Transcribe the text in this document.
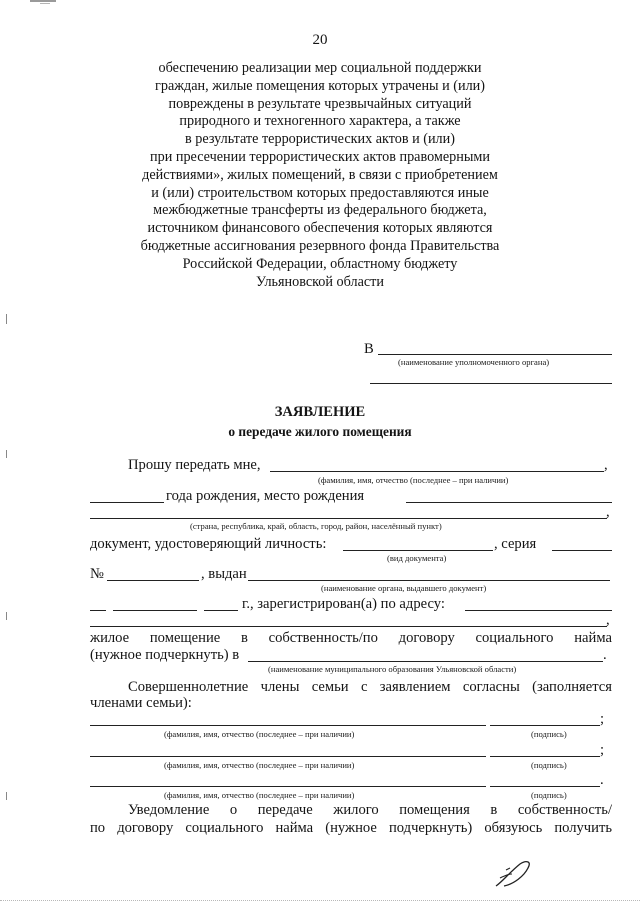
20
обеспечению реализации мер социальной поддержки
граждан, жилые помещения которых утрачены и (или)
повреждены в результате чрезвычайных ситуаций
природного и техногенного характера, а также
в результате террористических актов и (или)
при пресечении террористических актов правомерными
действиями», жилых помещений, в связи с приобретением
и (или) строительством которых предоставляются иные
межбюджетные трансферты из федерального бюджета,
источником финансового обеспечения которых являются
бюджетные ассигнования резервного фонда Правительства
Российской Федерации, областному бюджету
Ульяновской области
В
(наименование уполномоченного органа)
ЗАЯВЛЕНИЕ
о передаче жилого помещения
Прошу передать мне,	,
(фамилия, имя, отчество (последнее – при наличии)
года рождения, место рождения
,
(страна, республика, край, область, город, район, населённый пункт)
документ, удостоверяющий личность:	, серия
(вид документа)
№	, выдан
(наименование органа, выдавшего документ)
г., зарегистрирован(а) по адресу:
,
жилое помещение в собственность/по договору социального найма
(нужное подчеркнуть) в	.
(наименование муниципального образования Ульяновской области)
Совершеннолетние члены семьи с заявлением согласны (заполняется
членами семьи):
;
(фамилия, имя, отчество (последнее – при наличии)	(подпись)
;
(фамилия, имя, отчество (последнее – при наличии)	(подпись)
.
(фамилия, имя, отчество (последнее – при наличии)	(подпись)
Уведомление о передаче жилого помещения в собственность/
по договору социального найма (нужное подчеркнуть) обязуюсь получить
